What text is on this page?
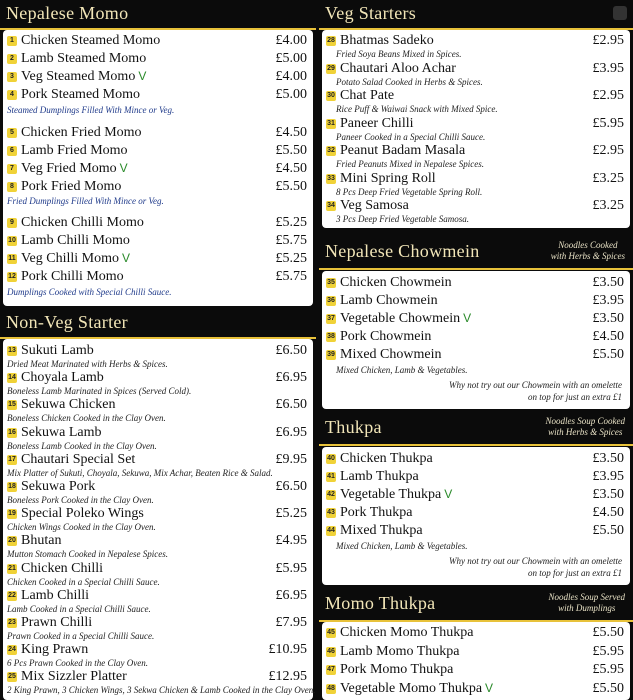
Nepalese Momo
1 Chicken Steamed Momo	£4.00
2 Lamb Steamed Momo	£5.00
3 Veg Steamed Momo V	£4.00
4 Pork Steamed Momo	£5.00
5 Chicken Fried Momo	£4.50
6 Lamb Fried Momo	£5.50
7 Veg Fried Momo V	£4.50
8 Pork Fried Momo	£5.50
9 Chicken Chilli Momo	£5.25
10 Lamb Chilli Momo	£5.75
11 Veg Chilli Momo V	£5.25
12 Pork Chilli Momo	£5.75
Steamed Dumplings Filled With Mince or Veg.
Fried Dumplings Filled With Mince or Veg.
Dumplings Cooked with Special Chilli Sauce.
Non-Veg Starter
13 Sukuti Lamb	£6.50
Dried Meat Marinated with Herbs & Spices.
14 Choyala Lamb	£6.95
Boneless Lamb Marinated in Spices (Served Cold).
15 Sekuwa Chicken	£6.50
Boneless Chicken Cooked in the Clay Oven.
16 Sekuwa Lamb	£6.95
Boneless Lamb Cooked in the Clay Oven.
17 Chautari Special Set	£9.95
Mix Platter of Sukuti, Choyala, Sekuwa, Mix Achar, Beaten Rice & Salad.
18 Sekuwa Pork	£6.50
Boneless Pork Cooked in the Clay Oven.
19 Special Poleko Wings	£5.25
Chicken Wings Cooked in the Clay Oven.
20 Bhutan	£4.95
Mutton Stomach Cooked in Nepalese Spices.
21 Chicken Chilli	£5.95
Chicken Cooked in a Special Chilli Sauce.
22 Lamb Chilli	£6.95
Lamb Cooked in a Special Chilli Sauce.
23 Prawn Chilli	£7.95
Prawn Cooked in a Special Chilli Sauce.
24 King Prawn	£10.95
6 Pcs Prawn Cooked in the Clay Oven.
25 Mix Sizzler Platter	£12.95
2 King Prawn, 3 Chicken Wings, 3 Sekwa Chicken & Lamb Cooked in the Clay Oven.
Veg Starters
28 Bhatmas Sadeko	£2.95
Fried Soya Beans Mixed in Spices.
29 Chautari Aloo Achar	£3.95
Potato Salad Cooked in Herbs & Spices.
30 Chat Pate	£2.95
Rice Puff & Waiwai Snack with Mixed Spice.
31 Paneer Chilli	£5.95
Paneer Cooked in a Special Chilli Sauce.
32 Peanut Badam Masala	£2.95
Fried Peanuts Mixed in Nepalese Spices.
33 Mini Spring Roll	£3.25
8 Pcs Deep Fried Vegetable Spring Roll.
34 Veg Samosa	£3.25
3 Pcs Deep Fried Vegetable Samosa.
Nepalese Chowmein	Noodles Cooked
with Herbs & Spices
35 Chicken Chowmein	£3.50
36 Lamb Chowmein	£3.95
37 Vegetable Chowmein V	£3.50
38 Pork Chowmein	£4.50
39 Mixed Chowmein	£5.50
Mixed Chicken, Lamb & Vegetables.
Why not try out our Chowmein with an omelette
on top for just an extra £1
Thukpa	Noodles Soup Cooked
with Herbs & Spices
40 Chicken Thukpa	£3.50
41 Lamb Thukpa	£3.95
42 Vegetable Thukpa V	£3.50
43 Pork Thukpa	£4.50
44 Mixed Thukpa	£5.50
Mixed Chicken, Lamb & Vegetables.
Why not try out our Chowmein with an omelette
on top for just an extra £1
Momo Thukpa	Noodles Soup Served
with Dumplings
45 Chicken Momo Thukpa	£5.50
46 Lamb Momo Thukpa	£5.95
47 Pork Momo Thukpa	£5.95
48 Vegetable Momo Thukpa V	£5.50
